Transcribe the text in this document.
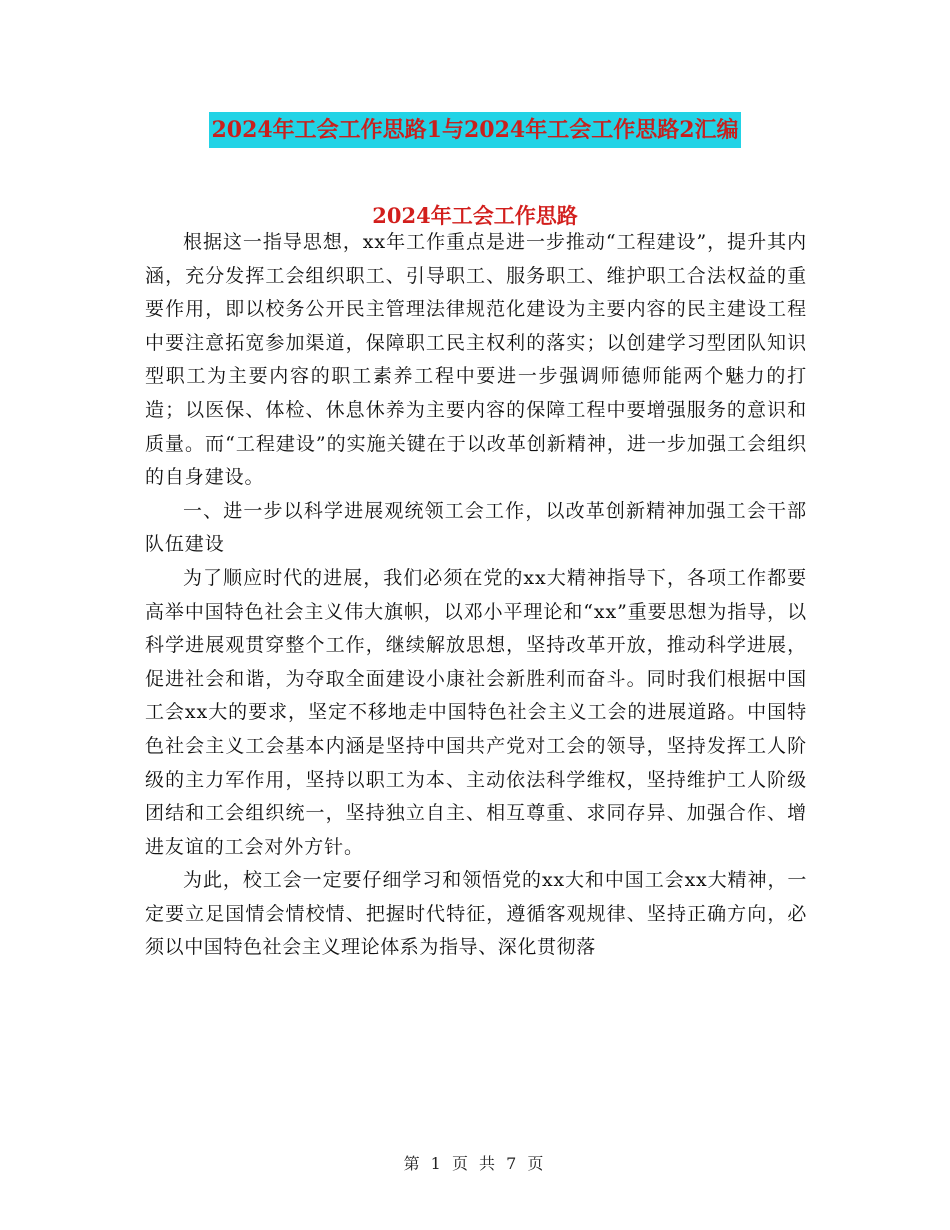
2024年工会工作思路1与2024年工会工作思路2汇编
2024年工会工作思路

根据这一指导思想，xx年工作重点是进一步推动“工程建设”，提升其内涵，充分发挥工会组织职工、引导职工、服务职工、维护职工合法权益的重要作用，即以校务公开民主管理法律规范化建设为主要内容的民主建设工程中要注意拓宽参加渠道，保障职工民主权利的落实；以创建学习型团队知识型职工为主要内容的职工素养工程中要进一步强调师德师能两个魅力的打造；以医保、体检、休息休养为主要内容的保障工程中要增强服务的意识和质量。而“工程建设”的实施关键在于以改革创新精神，进一步加强工会组织的自身建设。

一、进一步以科学进展观统领工会工作，以改革创新精神加强工会干部队伍建设

为了顺应时代的进展，我们必须在党的xx大精神指导下，各项工作都要高举中国特色社会主义伟大旗帜，以邓小平理论和“xx”重要思想为指导，以科学进展观贯穿整个工作，继续解放思想，坚持改革开放，推动科学进展，促进社会和谐，为夺取全面建设小康社会新胜利而奋斗。同时我们根据中国工会xx大的要求，坚定不移地走中国特色社会主义工会的进展道路。中国特色社会主义工会基本内涵是坚持中国共产党对工会的领导，坚持发挥工人阶级的主力军作用，坚持以职工为本、主动依法科学维权，坚持维护工人阶级团结和工会组织统一，坚持独立自主、相互尊重、求同存异、加强合作、增进友谊的工会对外方针。

为此，校工会一定要仔细学习和领悟党的xx大和中国工会xx大精神，一定要立足国情会情校情、把握时代特征，遵循客观规律、坚持正确方向，必须以中国特色社会主义理论体系为指导、深化贯彻落

第 1 页 共 7 页
